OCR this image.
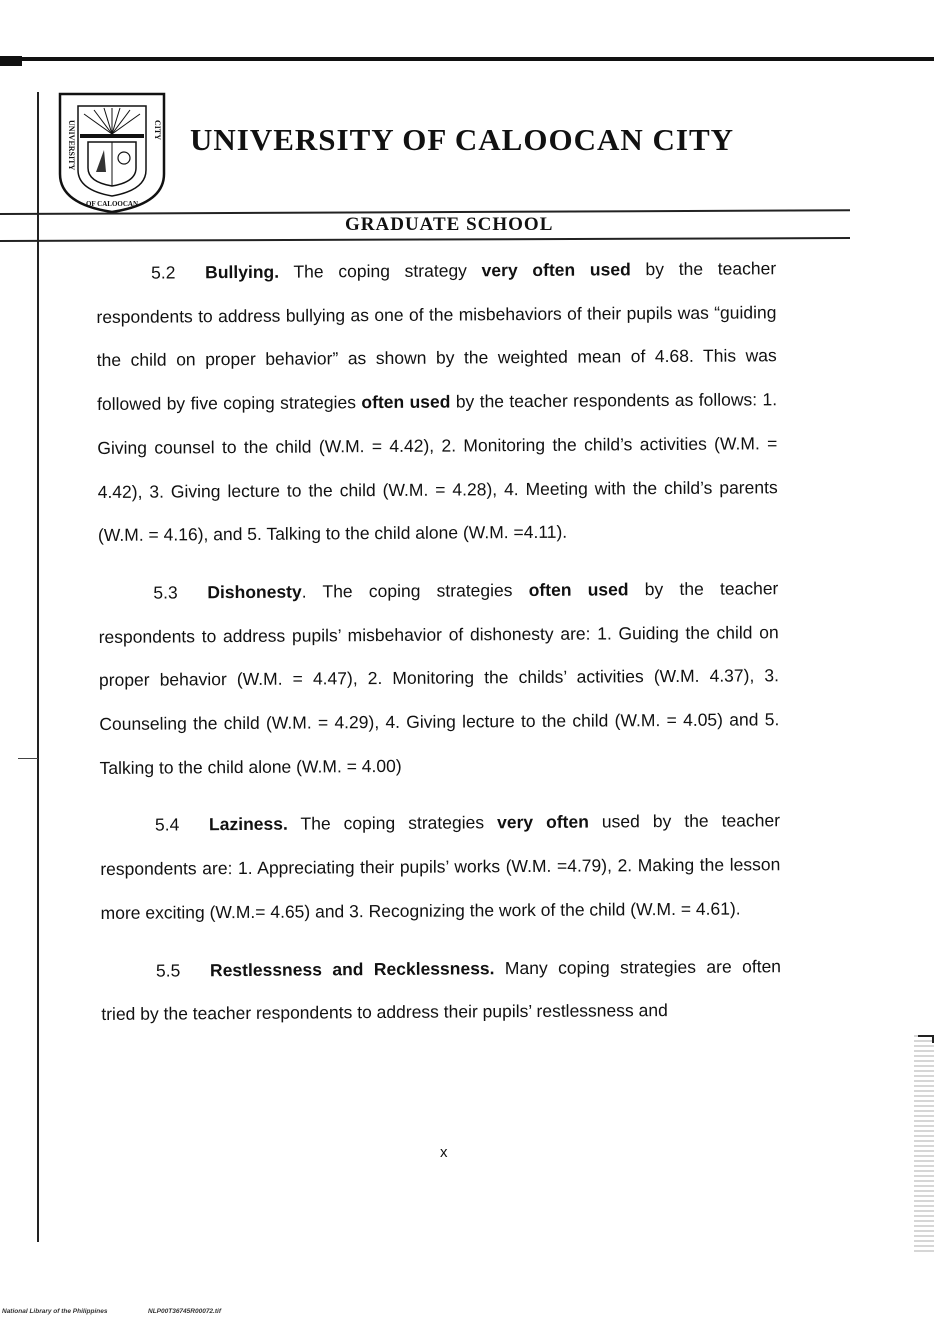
UNIVERSITY	CITY
OF CALOOCAN
UNIVERSITY OF CALOOCAN CITY
GRADUATE SCHOOL

5.2 Bullying. The coping strategy very often used by the teacher respondents to address bullying as one of the misbehaviors of their pupils was “guiding the child on proper behavior” as shown by the weighted mean of 4.68. This was followed by five coping strategies often used by the teacher respondents as follows: 1. Giving counsel to the child (W.M. = 4.42), 2. Monitoring the child’s activities (W.M. = 4.42), 3. Giving lecture to the child (W.M. = 4.28), 4. Meeting with the child’s parents (W.M. = 4.16), and 5. Talking to the child alone (W.M. =4.11).

5.3 Dishonesty. The coping strategies often used by the teacher respondents to address pupils’ misbehavior of dishonesty are: 1. Guiding the child on proper behavior (W.M. = 4.47), 2. Monitoring the childs’ activities (W.M. 4.37), 3. Counseling the child (W.M. = 4.29), 4. Giving lecture to the child (W.M. = 4.05) and 5. Talking to the child alone (W.M. = 4.00)

5.4 Laziness. The coping strategies very often used by the teacher respondents are: 1. Appreciating their pupils’ works (W.M. =4.79), 2. Making the lesson more exciting (W.M.= 4.65) and 3. Recognizing the work of the child (W.M. = 4.61).

5.5 Restlessness and Recklessness. Many coping strategies are often tried by the teacher respondents to address their pupils’ restlessness and

x
National Library of the Philippines	NLP00T36745R00072.tif
